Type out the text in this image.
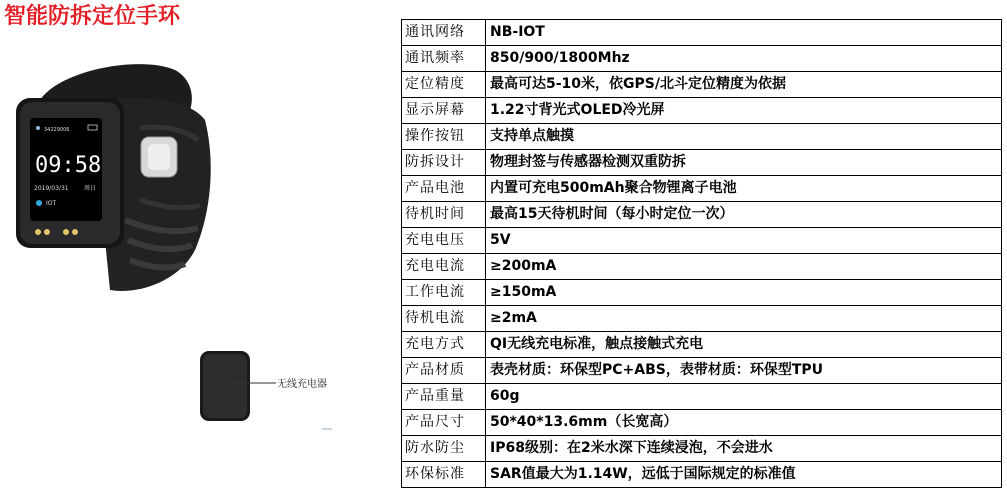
智能防拆定位手环
34229006
09:58
2019/03/31	周日
IOT
无线充电器
通讯网络	NB-IOT
通讯频率	850/900/1800Mhz
定位精度	最高可达5-10米，依GPS/北斗定位精度为依据
显示屏幕	1.22寸背光式OLED冷光屏
操作按钮	支持单点触摸
防拆设计	物理封签与传感器检测双重防拆
产品电池	内置可充电500mAh聚合物锂离子电池
待机时间	最高15天待机时间（每小时定位一次）
充电电压	5V
充电电流	≥200mA
工作电流	≥150mA
待机电流	≥2mA
充电方式	QI无线充电标准，触点接触式充电
产品材质	表壳材质：环保型PC+ABS，表带材质：环保型TPU
产品重量	60g
产品尺寸	50*40*13.6mm（长宽高）
防水防尘	IP68级别：在2米水深下连续浸泡，不会进水
环保标准	SAR值最大为1.14W，远低于国际规定的标准值
